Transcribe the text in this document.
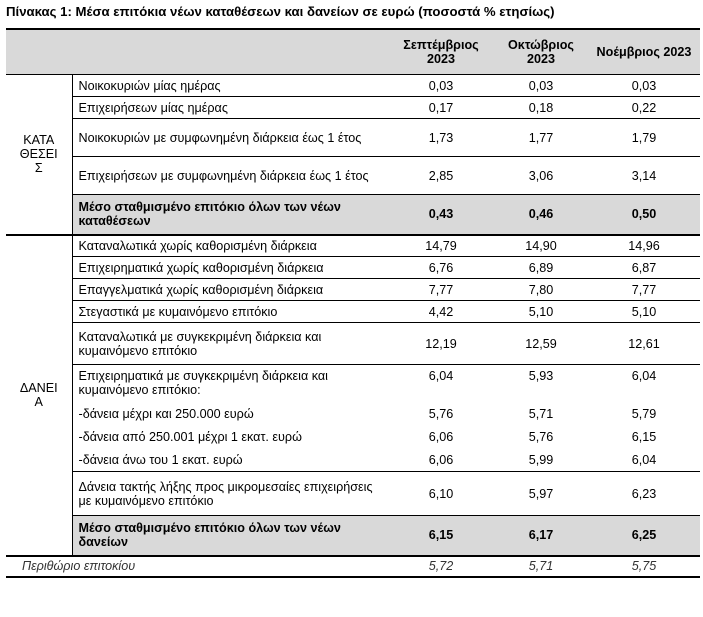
Πίνακας 1: Μέσα επιτόκια νέων καταθέσεων και δανείων σε ευρώ (ποσοστά % ετησίως)
		Σεπτέμβριος 2023	Οκτώβριος 2023	Νοέμβριος 2023
ΚΑΤΑ
ΘΕΣΕΙ
Σ	Νοικοκυριών μίας ημέρας	0,03	0,03	0,03
	Επιχειρήσεων μίας ημέρας	0,17	0,18	0,22
	Νοικοκυριών με συμφωνημένη διάρκεια έως 1 έτος	1,73	1,77	1,79
	Επιχειρήσεων με συμφωνημένη διάρκεια έως 1 έτος	2,85	3,06	3,14
	Μέσο σταθμισμένο επιτόκιο όλων των νέων καταθέσεων	0,43	0,46	0,50
ΔΑΝΕΙ
Α	Καταναλωτικά χωρίς καθορισμένη διάρκεια	14,79	14,90	14,96
	Επιχειρηματικά χωρίς καθορισμένη διάρκεια	6,76	6,89	6,87
	Επαγγελματικά χωρίς καθορισμένη διάρκεια	7,77	7,80	7,77
	Στεγαστικά με κυμαινόμενο επιτόκιο	4,42	5,10	5,10
	Καταναλωτικά με συγκεκριμένη διάρκεια και κυμαινόμενο επιτόκιο	12,19	12,59	12,61
	Επιχειρηματικά με συγκεκριμένη διάρκεια και κυμαινόμενο επιτόκιο:	6,04	5,93	6,04
	-δάνεια μέχρι και 250.000 ευρώ	5,76	5,71	5,79
	-δάνεια από 250.001 μέχρι 1 εκατ. ευρώ	6,06	5,76	6,15
	-δάνεια άνω του 1 εκατ. ευρώ	6,06	5,99	6,04
	Δάνεια τακτής λήξης προς μικρομεσαίες επιχειρήσεις με κυμαινόμενο επιτόκιο	6,10	5,97	6,23
	Μέσο σταθμισμένο επιτόκιο όλων των νέων δανείων	6,15	6,17	6,25
Περιθώριο επιτοκίου		5,72	5,71	5,75
